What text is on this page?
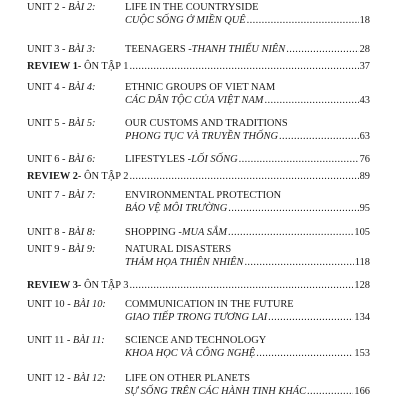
UNIT 2 - BÀI 2:	LIFE IN THE COUNTRYSIDE
CUỘC SỐNG Ở MIỀN QUÊ .....	18
UNIT 3 - BÀI 3:	TEENAGERS - THANH THIẾU NIÊN .....	28
REVIEW 1 - ÔN TẬP 1 .....	37
UNIT 4 - BÀI 4:	ETHNIC GROUPS OF VIET NAM
CÁC DÂN TỘC CỦA VIỆT NAM .....	43
UNIT 5 - BÀI 5:	OUR CUSTOMS AND TRADITIONS
PHONG TỤC VÀ TRUYỀN THỐNG .....	63
UNIT 6 - BÀI 6:	LIFESTYLES - LỐI SỐNG .....	76
REVIEW 2 - ÔN TẬP 2 .....	89
UNIT 7 - BÀI 7:	ENVIRONMENTAL PROTECTION
BẢO VỆ MÔI TRƯỜNG .....	95
UNIT 8 - BÀI 8:	SHOPPING - MUA SẮM .....	105
UNIT 9 - BÀI 9:	NATURAL DISASTERS
THẢM HỌA THIÊN NHIÊN .....	118
REVIEW 3 - ÔN TẬP 3 .....	128
UNIT 10 - BÀI 10: COMMUNICATION IN THE FUTURE
GIAO TIẾP TRONG TƯƠNG LAI .....	134
UNIT 11 - BÀI 11: SCIENCE AND TECHNOLOGY
KHOA HỌC VÀ CÔNG NGHỆ .....	153
UNIT 12 - BÀI 12: LIFE ON OTHER PLANETS
SỰ SỐNG TRÊN CÁC HÀNH TINH KHÁC .....	166
